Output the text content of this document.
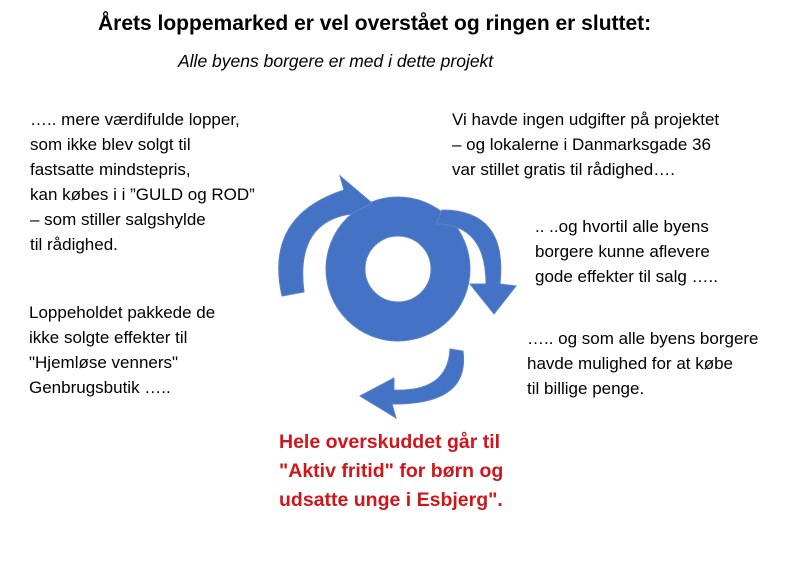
Årets loppemarked er vel overstået og ringen er sluttet:
Alle byens borgere er med i dette projekt
….. mere værdifulde lopper,
som ikke blev solgt til
fastsatte mindstepris,
kan købes i i ”GULD og ROD”
– som stiller salgshylde
til rådighed.
Loppeholdet pakkede de
ikke solgte effekter til
"Hjemløse venners"
Genbrugsbutik …..
Vi havde ingen udgifter på projektet
– og lokalerne i Danmarksgade 36
var stillet gratis til rådighed….
.. ..og hvortil alle byens
borgere kunne aflevere
gode effekter til salg …..
….. og som alle byens borgere
havde mulighed for at købe
til billige penge.
Hele overskuddet går til
"Aktiv fritid" for børn og
udsatte unge i Esbjerg".
